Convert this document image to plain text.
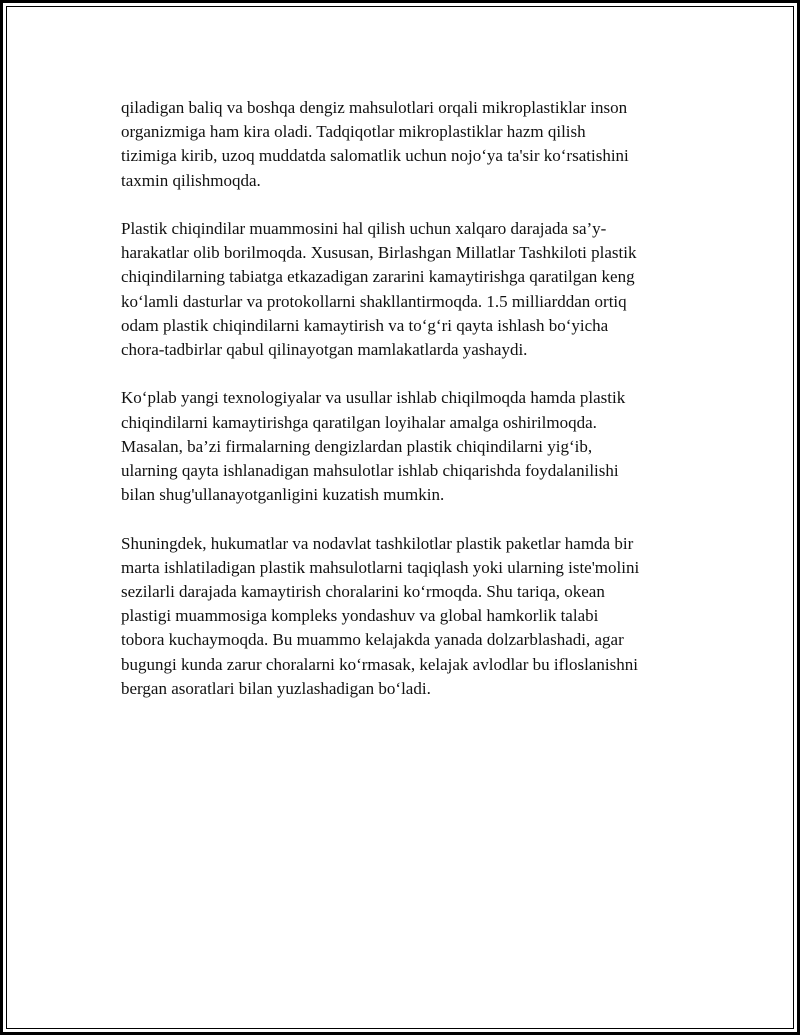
qiladigan baliq va boshqa dengiz mahsulotlari orqali mikroplastiklar inson
organizmiga ham kira oladi. Tadqiqotlar mikroplastiklar hazm qilish
tizimiga kirib, uzoq muddatda salomatlik uchun nojo‘ya ta'sir ko‘rsatishini
taxmin qilishmoqda.

Plastik chiqindilar muammosini hal qilish uchun xalqaro darajada sa’y-
harakatlar olib borilmoqda. Xususan, Birlashgan Millatlar Tashkiloti plastik
chiqindilarning tabiatga etkazadigan zararini kamaytirishga qaratilgan keng
ko‘lamli dasturlar va protokollarni shakllantirmoqda. 1.5 milliarddan ortiq
odam plastik chiqindilarni kamaytirish va to‘g‘ri qayta ishlash bo‘yicha
chora-tadbirlar qabul qilinayotgan mamlakatlarda yashaydi.

Ko‘plab yangi texnologiyalar va usullar ishlab chiqilmoqda hamda plastik
chiqindilarni kamaytirishga qaratilgan loyihalar amalga oshirilmoqda.
Masalan, ba’zi firmalarning dengizlardan plastik chiqindilarni yig‘ib,
ularning qayta ishlanadigan mahsulotlar ishlab chiqarishda foydalanilishi
bilan shug'ullanayotganligini kuzatish mumkin.

Shuningdek, hukumatlar va nodavlat tashkilotlar plastik paketlar hamda bir
marta ishlatiladigan plastik mahsulotlarni taqiqlash yoki ularning iste'molini
sezilarli darajada kamaytirish choralarini ko‘rmoqda. Shu tariqa, okean
plastigi muammosiga kompleks yondashuv va global hamkorlik talabi
tobora kuchaymoqda. Bu muammo kelajakda yanada dolzarblashadi, agar
bugungi kunda zarur choralarni ko‘rmasak, kelajak avlodlar bu ifloslanishni
bergan asoratlari bilan yuzlashadigan bo‘ladi.
